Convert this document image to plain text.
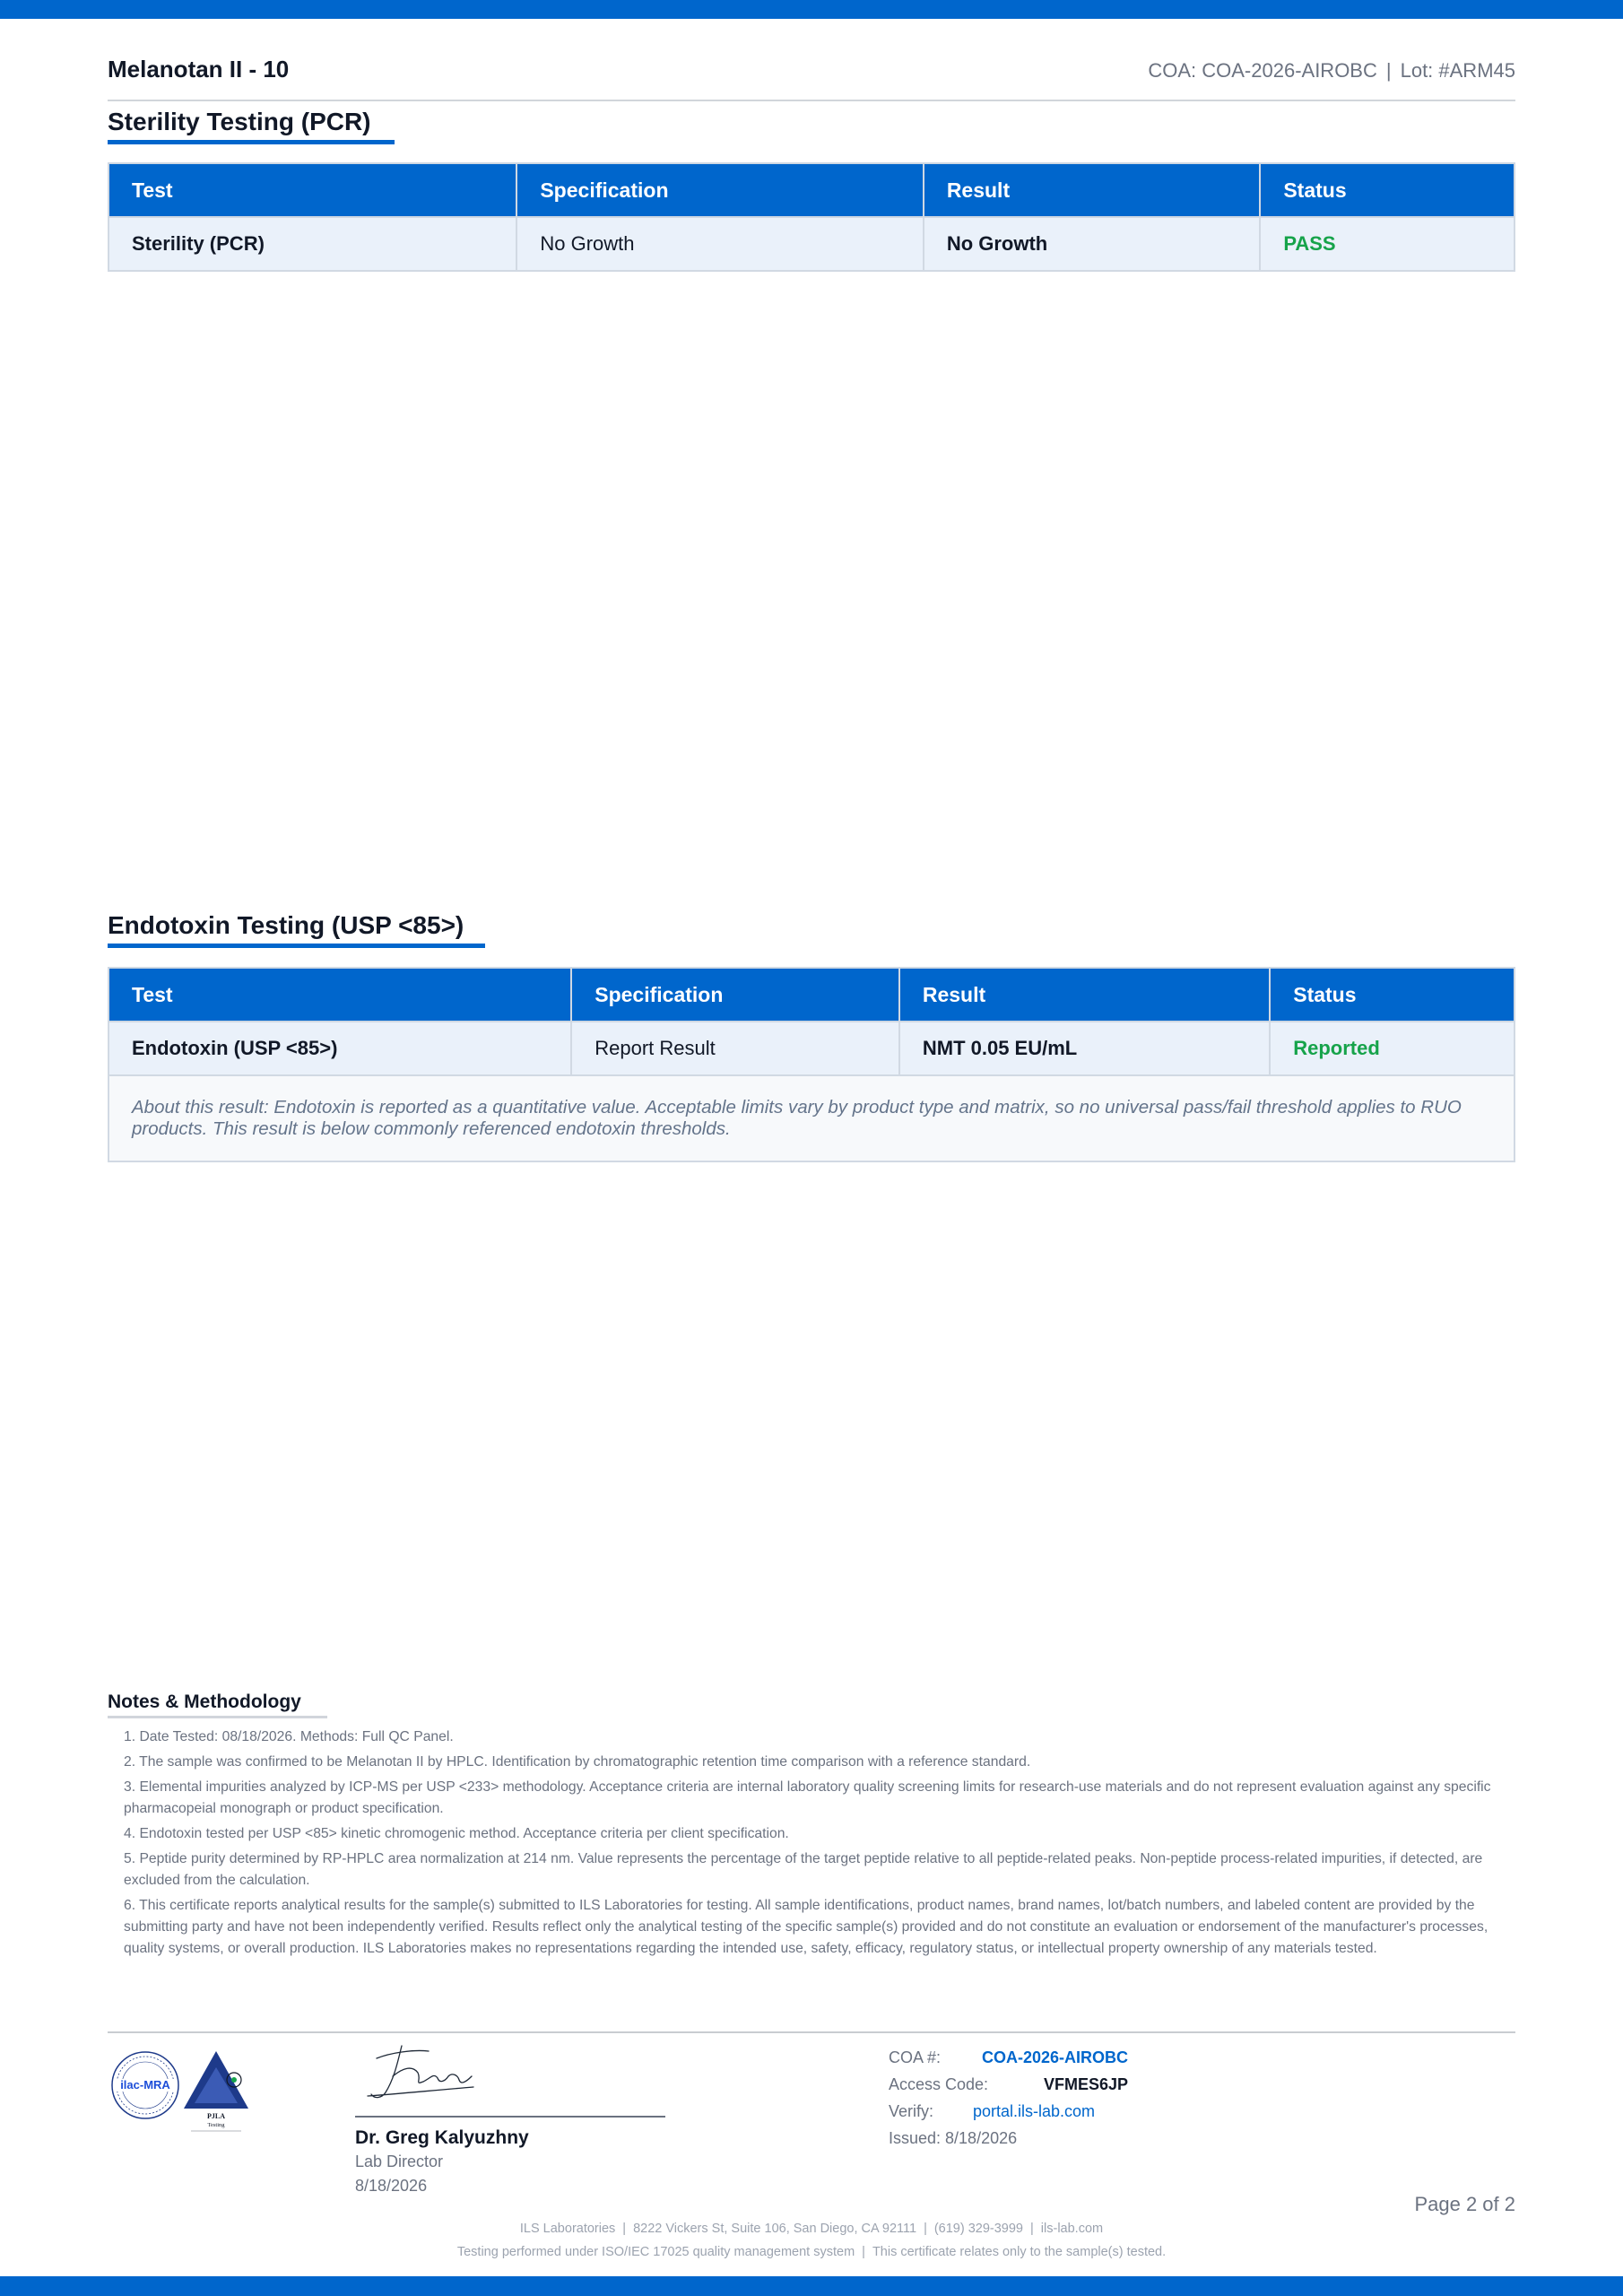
Melanotan II - 10	COA: COA-2026-AIROBC | Lot: #ARM45
Sterility Testing (PCR)
Test	Specification	Result	Status
Sterility (PCR)	No Growth	No Growth	PASS
Endotoxin Testing (USP <85>)
Test	Specification	Result	Status
Endotoxin (USP <85>)	Report Result	NMT 0.05 EU/mL	Reported
About this result: Endotoxin is reported as a quantitative value. Acceptable limits vary by product type and matrix, so no universal pass/fail threshold applies to RUO products. This result is below commonly referenced endotoxin thresholds.			
Notes & Methodology
1. Date Tested: 08/18/2026. Methods: Full QC Panel.
2. The sample was confirmed to be Melanotan II by HPLC. Identification by chromatographic retention time comparison with a reference standard.
3. Elemental impurities analyzed by ICP-MS per USP <233> methodology. Acceptance criteria are internal laboratory quality screening limits for research-use materials and do not represent evaluation against any specific pharmacopeial monograph or product specification.
4. Endotoxin tested per USP <85> kinetic chromogenic method. Acceptance criteria per client specification.
5. Peptide purity determined by RP-HPLC area normalization at 214 nm. Value represents the percentage of the target peptide relative to all peptide-related peaks. Non-peptide process-related impurities, if detected, are excluded from the calculation.
6. This certificate reports analytical results for the sample(s) submitted to ILS Laboratories for testing. All sample identifications, product names, brand names, lot/batch numbers, and labeled content are provided by the submitting party and have not been independently verified. Results reflect only the analytical testing of the specific sample(s) provided and do not constitute an evaluation or endorsement of the manufacturer's processes, quality systems, or overall production. ILS Laboratories makes no representations regarding the intended use, safety, efficacy, regulatory status, or intellectual property ownership of any materials tested.
ilac-MRA
PJLA
Testing
Dr. Greg Kalyuzhny
Lab Director
8/18/2026
COA #:	COA-2026-AIROBC
Access Code:	VFMES6JP
Verify: portal.ils-lab.com
Issued: 8/18/2026
Page 2 of 2
ILS Laboratories | 8222 Vickers St, Suite 106, San Diego, CA 92111 | (619) 329-3999 | ils-lab.com
Testing performed under ISO/IEC 17025 quality management system | This certificate relates only to the sample(s) tested.
